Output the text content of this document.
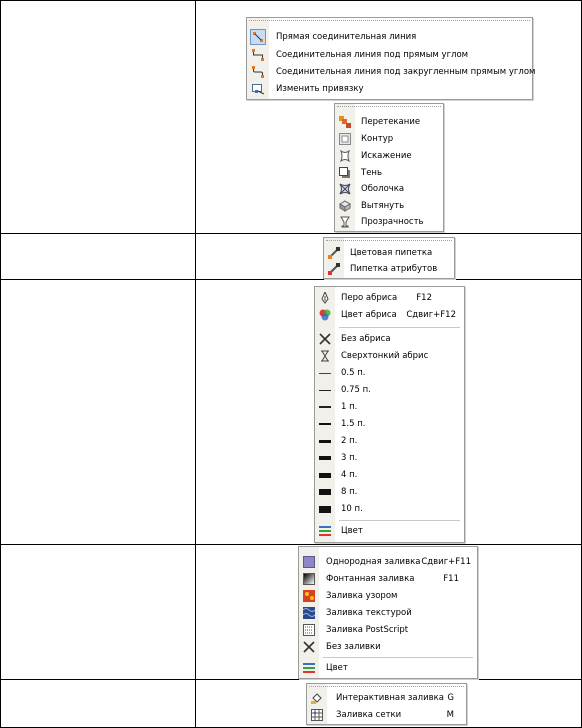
Прямая соединительная линия
Соединительная линия под прямым углом
Соединительная линия под закругленным прямым углом
Изменить привязку
Перетекание
Контур
Искажение
Тень
Оболочка
Вытянуть
Прозрачность
Цветовая пипетка
Пипетка атрибутов
Перо абриса F12
Цвет абриса Сдвиг+F12
Без абриса
Сверхтонкий абрис
0.5 п.
0.75 п.
1 п.
1.5 п.
2 п.
3 п.
4 п.
8 п.
10 п.
Цвет
Однородная заливка Сдвиг+F11
Фонтанная заливка	F11
Заливка узором
Заливка текстурой
Заливка PostScript
Без заливки
Цвет
Интерактивная заливка G
Заливка сетки	M
